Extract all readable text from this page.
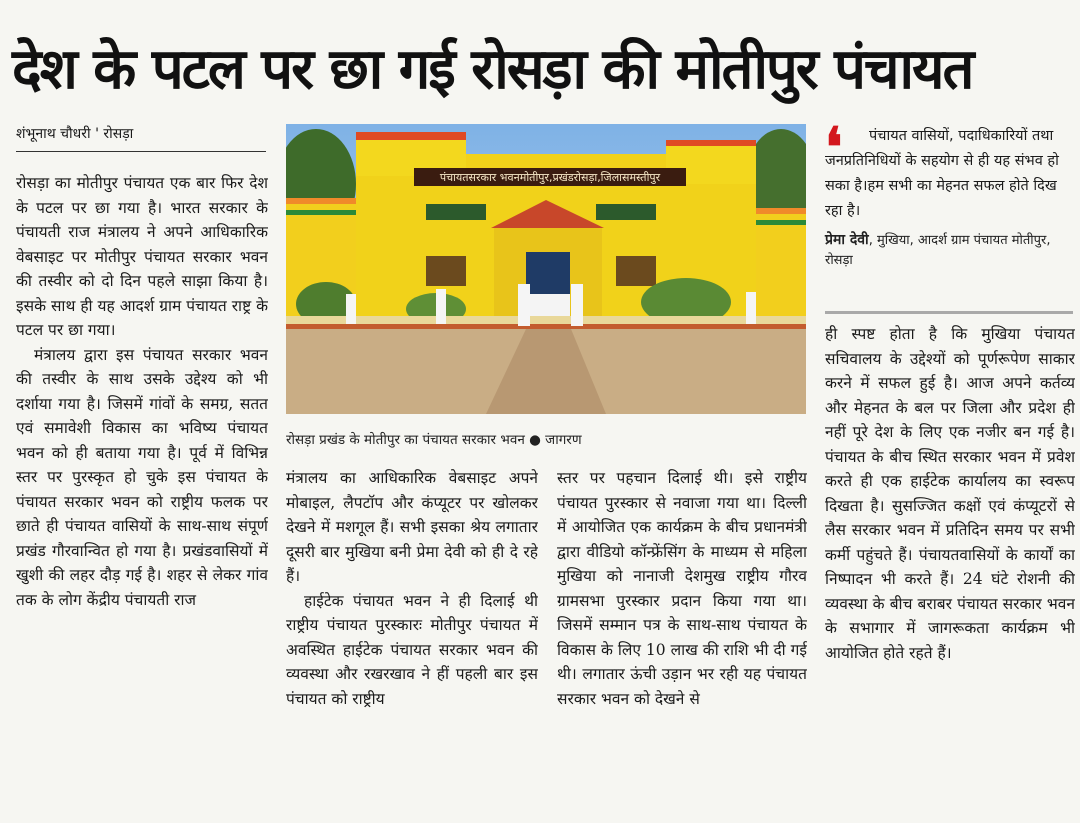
देश के पटल पर छा गई रोसड़ा की मोतीपुर पंचायत
शंभूनाथ चौधरी ' रोसड़ा

रोसड़ा का मोतीपुर पंचायत एक बार फिर देश के पटल पर छा गया है। भारत सरकार के पंचायती राज मंत्रालय ने अपने आधिकारिक वेबसाइट पर मोतीपुर पंचायत सरकार भवन की तस्वीर को दो दिन पहले साझा किया है। इसके साथ ही यह आदर्श ग्राम पंचायत राष्ट्र के पटल पर छा गया।

मंत्रालय द्वारा इस पंचायत सरकार भवन की तस्वीर के साथ उसके उद्देश्य को भी दर्शाया गया है। जिसमें गांवों के समग्र, सतत एवं समावेशी विकास का भविष्य पंचायत भवन को ही बताया गया है। पूर्व में विभिन्न स्तर पर पुरस्कृत हो चुके इस पंचायत के पंचायत सरकार भवन को राष्ट्रीय फलक पर छाते ही पंचायत वासियों के साथ-साथ संपूर्ण प्रखंड गौरवान्वित हो गया है। प्रखंडवासियों में खुशी की लहर दौड़ गई है। शहर से लेकर गांव तक के लोग केंद्रीय पंचायती राज

पंचायतसरकार भवनमोतीपुर,प्रखंडरोसड़ा,जिलासमस्तीपुर
रोसड़ा प्रखंड के मोतीपुर का पंचायत सरकार भवन ● जागरण
❛	पंचायत वासियों, पदाधिकारियों तथा जनप्रतिनिधियों के सहयोग से ही यह संभव हो सका है।हम सभी का मेहनत सफल होते दिख रहा है।
प्रेमा देवी, मुखिया, आदर्श ग्राम पंचायत मोतीपुर, रोसड़ा

मंत्रालय का आधिकारिक वेबसाइट अपने मोबाइल, लैपटॉप और कंप्यूटर पर खोलकर देखने में मशगूल हैं। सभी इसका श्रेय लगातार दूसरी बार मुखिया बनी प्रेमा देवी को ही दे रहे हैं।

हाईटेक पंचायत भवन ने ही दिलाई थी राष्ट्रीय पंचायत पुरस्कारः मोतीपुर पंचायत में अवस्थित हाईटेक पंचायत सरकार भवन की व्यवस्था और रखरखाव ने हीं पहली बार इस पंचायत को राष्ट्रीय

स्तर पर पहचान दिलाई थी। इसे राष्ट्रीय पंचायत पुरस्कार से नवाजा गया था। दिल्ली में आयोजित एक कार्यक्रम के बीच प्रधानमंत्री द्वारा वीडियो कॉन्फ्रेंसिंग के माध्यम से महिला मुखिया को नानाजी देशमुख राष्ट्रीय गौरव ग्रामसभा पुरस्कार प्रदान किया गया था। जिसमें सम्मान पत्र के साथ-साथ पंचायत के विकास के लिए 10 लाख की राशि भी दी गई थी। लगातार ऊंची उड़ान भर रही यह पंचायत सरकार भवन को देखने से

ही स्पष्ट होता है कि मुखिया पंचायत सचिवालय के उद्देश्यों को पूर्णरूपेण साकार करने में सफल हुई है। आज अपने कर्तव्य और मेहनत के बल पर जिला और प्रदेश ही नहीं पूरे देश के लिए एक नजीर बन गई है। पंचायत के बीच स्थित सरकार भवन में प्रवेश करते ही एक हाईटेक कार्यालय का स्वरूप दिखता है। सुसज्जित कक्षों एवं कंप्यूटरों से लैस सरकार भवन में प्रतिदिन समय पर सभी कर्मी पहुंचते हैं। पंचायतवासियों के कार्यों का निष्पादन भी करते हैं। 24 घंटे रोशनी की व्यवस्था के बीच बराबर पंचायत सरकार भवन के सभागार में जागरूकता कार्यक्रम भी आयोजित होते रहते हैं।
